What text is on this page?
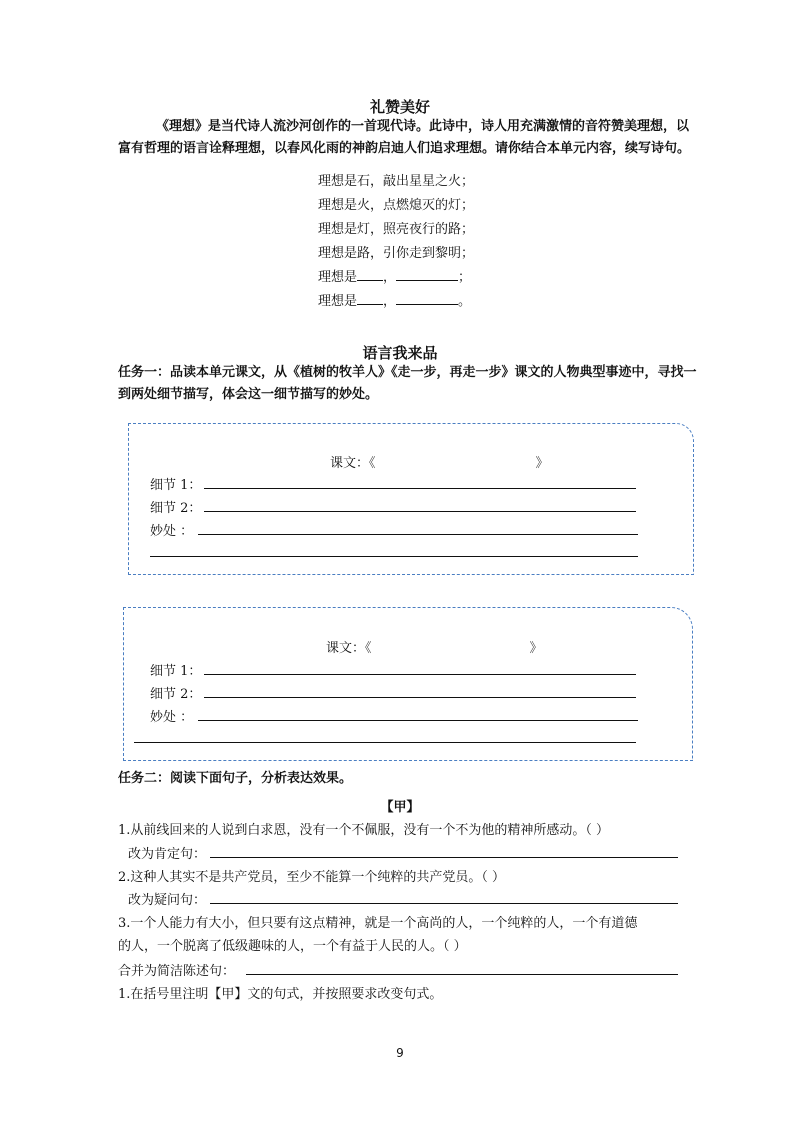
礼赞美好
《理想》是当代诗人流沙河创作的一首现代诗。此诗中，诗人用充满激情的音符赞美理想，以富有哲理的语言诠释理想，以春风化雨的神韵启迪人们追求理想。请你结合本单元内容，续写诗句。
理想是石，敲出星星之火；
理想是火，点燃熄灭的灯；
理想是灯，照亮夜行的路；
理想是路，引你走到黎明；
理想是 ，	；
理想是 ，	。
语言我来品
任务一：品读本单元课文，从《植树的牧羊人》《走一步，再走一步》课文的人物典型事迹中，寻找一到两处细节描写，体会这一细节描写的妙处。
课文：《	》
细节 1：
细节 2：
妙处 ：
课文：《	》
细节 1：
细节 2：
妙处 ：
任务二：阅读下面句子，分析表达效果。
【甲】
1.从前线回来的人说到白求恩，没有一个不佩服，没有一个不为他的精神所感动。（ ）
改为肯定句：
2.这种人其实不是共产党员，至少不能算一个纯粹的共产党员。（ ）
改为疑问句：
3.一个人能力有大小，但只要有这点精神，就是一个高尚的人，一个纯粹的人，一个有道德
的人，一个脱离了低级趣味的人，一个有益于人民的人。（ ）
合并为简洁陈述句：
1.在括号里注明【甲】文的句式，并按照要求改变句式。
9
